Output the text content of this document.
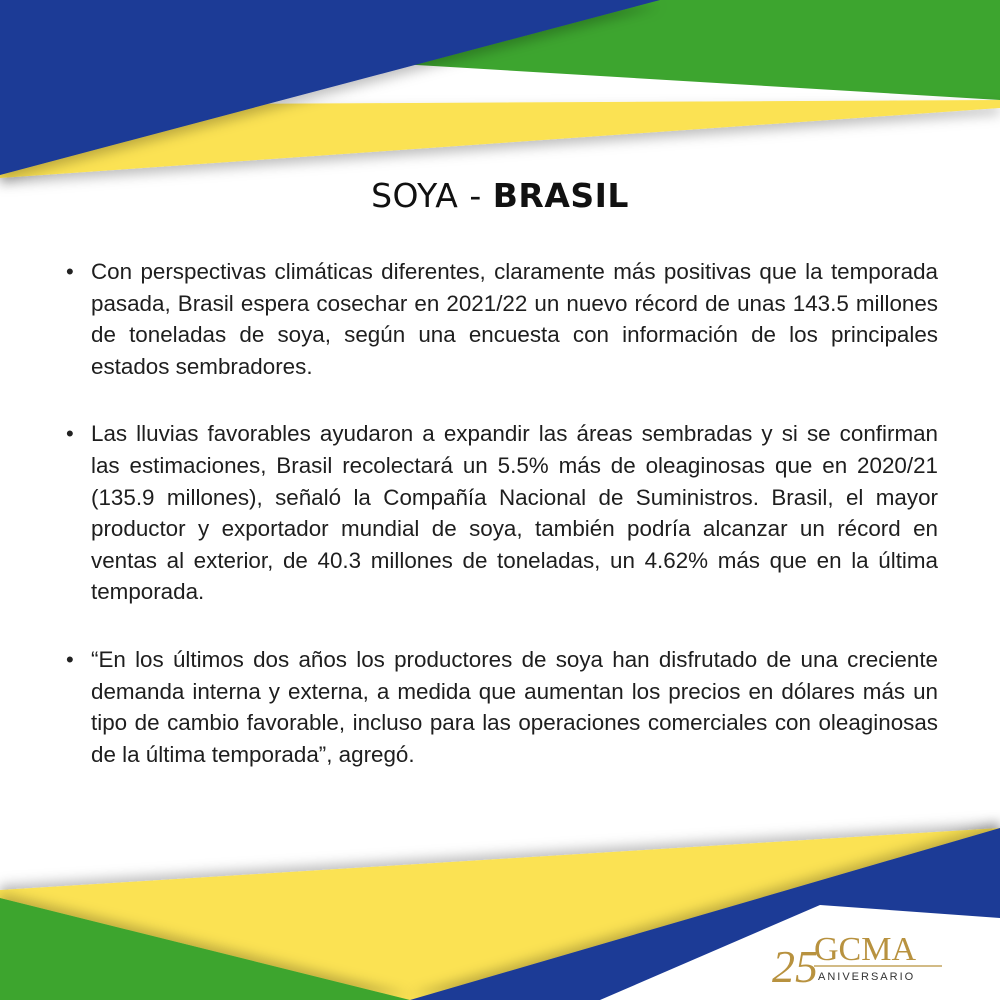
SOYA - BRASIL
• Con perspectivas climáticas diferentes, claramente más positivas que la temporada pasada, Brasil espera cosechar en 2021/22 un nuevo récord de unas 143.5 millones de toneladas de soya, según una encuesta con información de los principales estados sembradores.

• Las lluvias favorables ayudaron a expandir las áreas sembradas y si se confirman las estimaciones, Brasil recolectará un 5.5% más de oleaginosas que en 2020/21 (135.9 millones), señaló la Compañía Nacional de Suministros. Brasil, el mayor productor y exportador mundial de soya, también podría alcanzar un récord en ventas al exterior, de 40.3 millones de toneladas, un 4.62% más que en la última temporada.

• “En los últimos dos años los productores de soya han disfrutado de una creciente demanda interna y externa, a medida que aumentan los precios en dólares más un tipo de cambio favorable, incluso para las operaciones comerciales con oleaginosas de la última temporada”, agregó.

25
GCMA
ANIVERSARIO
